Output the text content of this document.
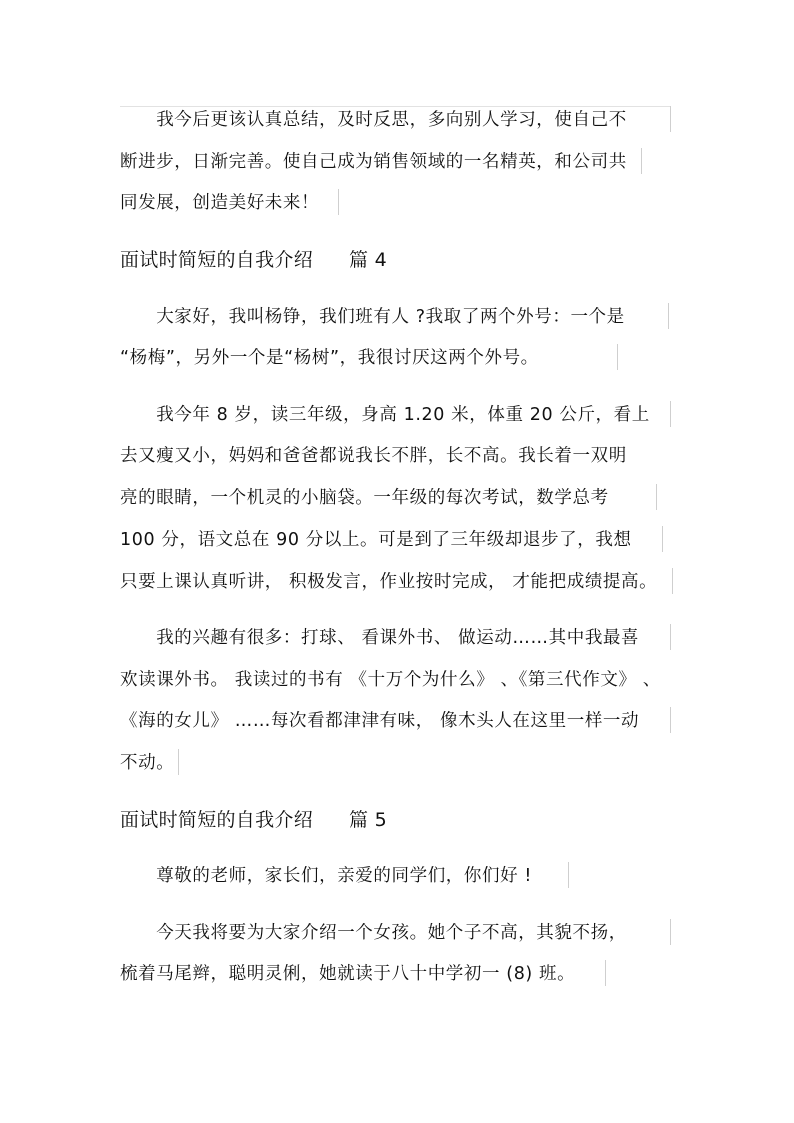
　　我今后更该认真总结，及时反思，多向别人学习，使自己不
断进步，日渐完善。使自己成为销售领域的一名精英，和公司共
同发展，创造美好未来！
面试时简短的自我介绍 篇 4
　　大家好，我叫杨铮，我们班有人 ?我取了两个外号：一个是
“杨梅”，另外一个是“杨树”，我很讨厌这两个外号。
　　我今年 8 岁，读三年级，身高 1.20 米，体重 20 公斤，看上
去又瘦又小，妈妈和爸爸都说我长不胖，长不高。我长着一双明
亮的眼睛，一个机灵的小脑袋。一年级的每次考试，数学总考
100 分，语文总在 90 分以上。可是到了三年级却退步了，我想
只要上课认真听讲， 积极发言，作业按时完成， 才能把成绩提高。
　　我的兴趣有很多：打球、 看课外书、 做运动……其中我最喜
欢读课外书。 我读过的书有 《十万个为什么》 、《第三代作文》 、
《海的女儿》 ……每次看都津津有味， 像木头人在这里一样一动
不动。
面试时简短的自我介绍 篇 5
　　尊敬的老师，家长们，亲爱的同学们，你们好 !
　　今天我将要为大家介绍一个女孩。她个子不高，其貌不扬，
梳着马尾辫，聪明灵俐，她就读于八十中学初一 (8) 班。
